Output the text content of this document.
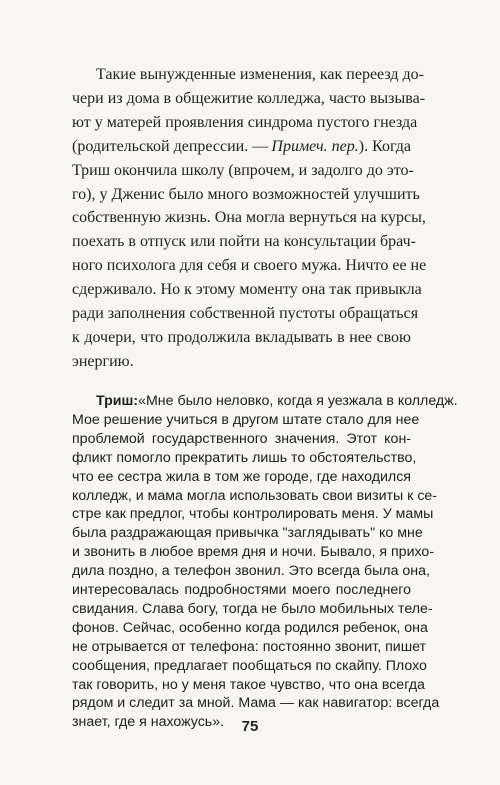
Такие вынужденные изменения, как переезд до-
чери из дома в общежитие колледжа, часто вызыва-
ют у матерей проявления синдрома пустого гнезда
(родительской депрессии. — Примеч. пер.). Когда
Триш окончила школу (впрочем, и задолго до это-
го), у Дженис было много возможностей улучшить
собственную жизнь. Она могла вернуться на курсы,
поехать в отпуск или пойти на консультации брач-
ного психолога для себя и своего мужа. Ничто ее не
сдерживало. Но к этому моменту она так привыкла
ради заполнения собственной пустоты обращаться
к дочери, что продолжила вкладывать в нее свою
энергию.
Триш: «Мне было неловко, когда я уезжала в колледж.
Мое решение учиться в другом штате стало для нее
проблемой государственного значения. Этот кон-
фликт помогло прекратить лишь то обстоятельство,
что ее сестра жила в том же городе, где находился
колледж, и мама могла использовать свои визиты к се-
стре как предлог, чтобы контролировать меня. У мамы
была раздражающая привычка "заглядывать" ко мне
и звонить в любое время дня и ночи. Бывало, я прихо-
дила поздно, а телефон звонил. Это всегда была она,
интересовалась подробностями моего последнего
свидания. Слава богу, тогда не было мобильных теле-
фонов. Сейчас, особенно когда родился ребенок, она
не отрывается от телефона: постоянно звонит, пишет
сообщения, предлагает пообщаться по скайпу. Плохо
так говорить, но у меня такое чувство, что она всегда
рядом и следит за мной. Мама — как навигатор: всегда
знает, где я нахожусь».	75
